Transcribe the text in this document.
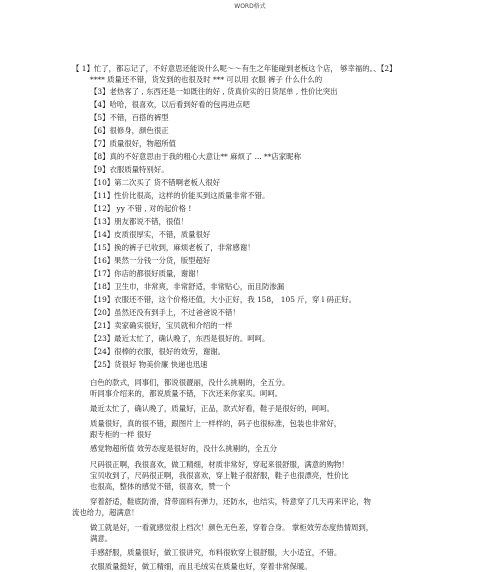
WORD格式
【 1】忙了，都忘记了，不好意思还能说什么呢～～有生之年能碰到老板这个店， 够幸福的。、【2】
**** 质量还不错，货发到的也很及时 *** 可以用 衣服 裤子 什么什么的
【3】老热客了 , 东西还是一如既往的好 , 货真价实的日货尾单 , 性价比突出
【4】哈哈，很喜欢，以后看到好看的包再进点吧
【5】不错，百搭的裤型
【6】很修身，颜色很正
【7】质量很好，物超所值
【8】真的不好意思由于我的粗心大意让** 麻烦了 ... **店家昵称
【9】衣服质量特别好。
【10】第二次买了 货不错啊老板人很好
【11】性价比很高，这样的价能买到这质量非常不错。
【12】 yy 不错 , 对的起价格 !
【13】朋友都说不错，很值！
【14】皮质很厚实，不错，质量很好
【15】换的裤子已收到，麻烦老板了，非常感谢！
【16】果然一分钱一分货，版型超好
【17】你店的都很好质量，谢谢！
【18】卫生巾，非常爽，非常舒适，非常贴心，而且防渗漏
【19】衣服还不错，这个价格还值，大小正好，我 158， 105 斤，穿 l 码正好。
【20】虽然还没有到手上，不过爸爸说不错！
【21】卖家确实很好，宝贝就和介绍的一样
【23】最近太忙了，确认晚了，东西是很好的。呵呵。
【24】很棒的衣服，很好的效劳，谢谢。
【25】货很好 物美价廉 快递也迅速
白色的款式，同事们，都说很靓丽，没什么挑剔的，全五分。
听同事介绍来的，都说质量不错，下次还来你家买。呵呵。
最近太忙了，确认晚了，质量好，正品，款式好看，鞋子是很好的，呵呵。
质量很好，真的很不错，跟图片上一样样的，码子也很标准，包装也非常好，
跟专柜的一样 很好
感觉物超所值 效劳态度是很好的，没什么挑剔的，全五分
尺码很正啊，我很喜欢，做工精细，材质非常好，穿起来很舒服，满意的购物！
宝贝收到了，尺码很正啊，我很喜欢，穿上鞋子很舒服，鞋子也很漂亮，性价比
也很高，整体的感觉不错，很喜欢，赞一个
穿着舒适，鞋底防滑，背带面料有弹力，还防水，也结实，特意穿了几天再来评论，物
流也给力，超满意！
做工就是好，一看就感觉很上档次！颜色无色差，穿着合身。 掌柜效劳态度热情周到，
满意。
手感舒服，质量很好，做工很讲究，布料很软穿上很舒服，大小适宜，不错。
衣服质量挺好，做工精细，而且毛绒实在质量也好，穿着非常保暖。
